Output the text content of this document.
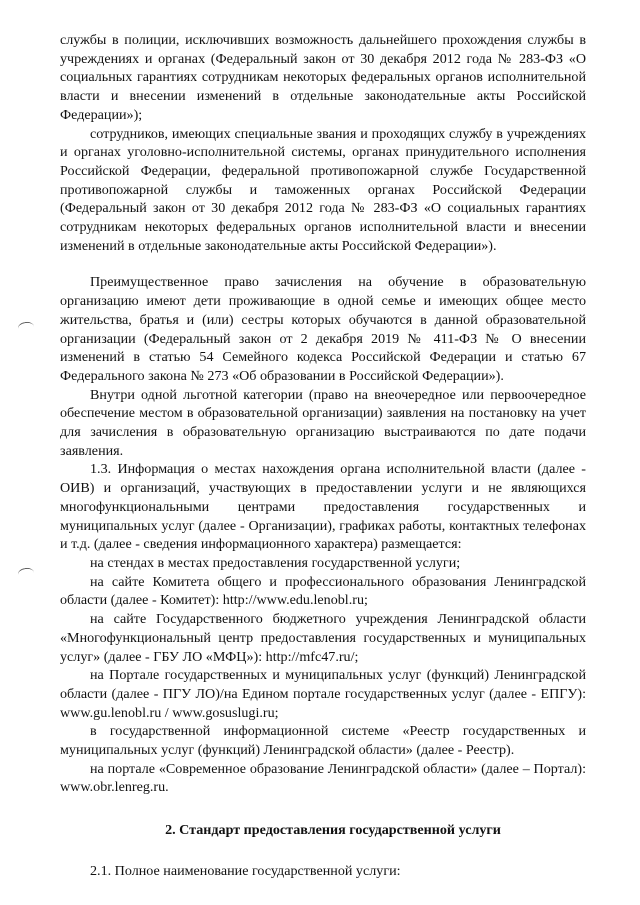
службы в полиции, исключивших возможность дальнейшего прохождения службы в учреждениях и органах (Федеральный закон от 30 декабря 2012 года № 283-ФЗ «О социальных гарантиях сотрудникам некоторых федеральных органов исполнительной власти и внесении изменений в отдельные законодательные акты Российской Федерации»);

сотрудников, имеющих специальные звания и проходящих службу в учреждениях и органах уголовно-исполнительной системы, органах принудительного исполнения Российской Федерации, федеральной противопожарной службе Государственной противопожарной службы и таможенных органах Российской Федерации (Федеральный закон от 30 декабря 2012 года № 283-ФЗ «О социальных гарантиях сотрудникам некоторых федеральных органов исполнительной власти и внесении изменений в отдельные законодательные акты Российской Федерации»).

Преимущественное право зачисления на обучение в образовательную организацию имеют дети проживающие в одной семье и имеющих общее место жительства, братья и (или) сестры которых обучаются в данной образовательной организации (Федеральный закон от 2 декабря 2019 № 411-ФЗ № О внесении изменений в статью 54 Семейного кодекса Российской Федерации и статью 67 Федерального закона № 273 «Об образовании в Российской Федерации»).

Внутри одной льготной категории (право на внеочередное или первоочередное обеспечение местом в образовательной организации) заявления на постановку на учет для зачисления в образовательную организацию выстраиваются по дате подачи заявления.

1.3. Информация о местах нахождения органа исполнительной власти (далее - ОИВ) и организаций, участвующих в предоставлении услуги и не являющихся многофункциональными центрами предоставления государственных и муниципальных услуг (далее - Организации), графиках работы, контактных телефонах и т.д. (далее - сведения информационного характера) размещается:

на стендах в местах предоставления государственной услуги;

на сайте Комитета общего и профессионального образования Ленинградской области (далее - Комитет): http://www.edu.lenobl.ru;

на сайте Государственного бюджетного учреждения Ленинградской области «Многофункциональный центр предоставления государственных и муниципальных услуг» (далее - ГБУ ЛО «МФЦ»): http://mfc47.ru/;

на Портале государственных и муниципальных услуг (функций) Ленинградской области (далее - ПГУ ЛО)/на Едином портале государственных услуг (далее - ЕПГУ): www.gu.lenobl.ru / www.gosuslugi.ru;

в государственной информационной системе «Реестр государственных и муниципальных услуг (функций) Ленинградской области» (далее - Реестр).

на портале «Современное образование Ленинградской области» (далее – Портал): www.obr.lenreg.ru.

2. Стандарт предоставления государственной услуги

2.1. Полное наименование государственной услуги:
